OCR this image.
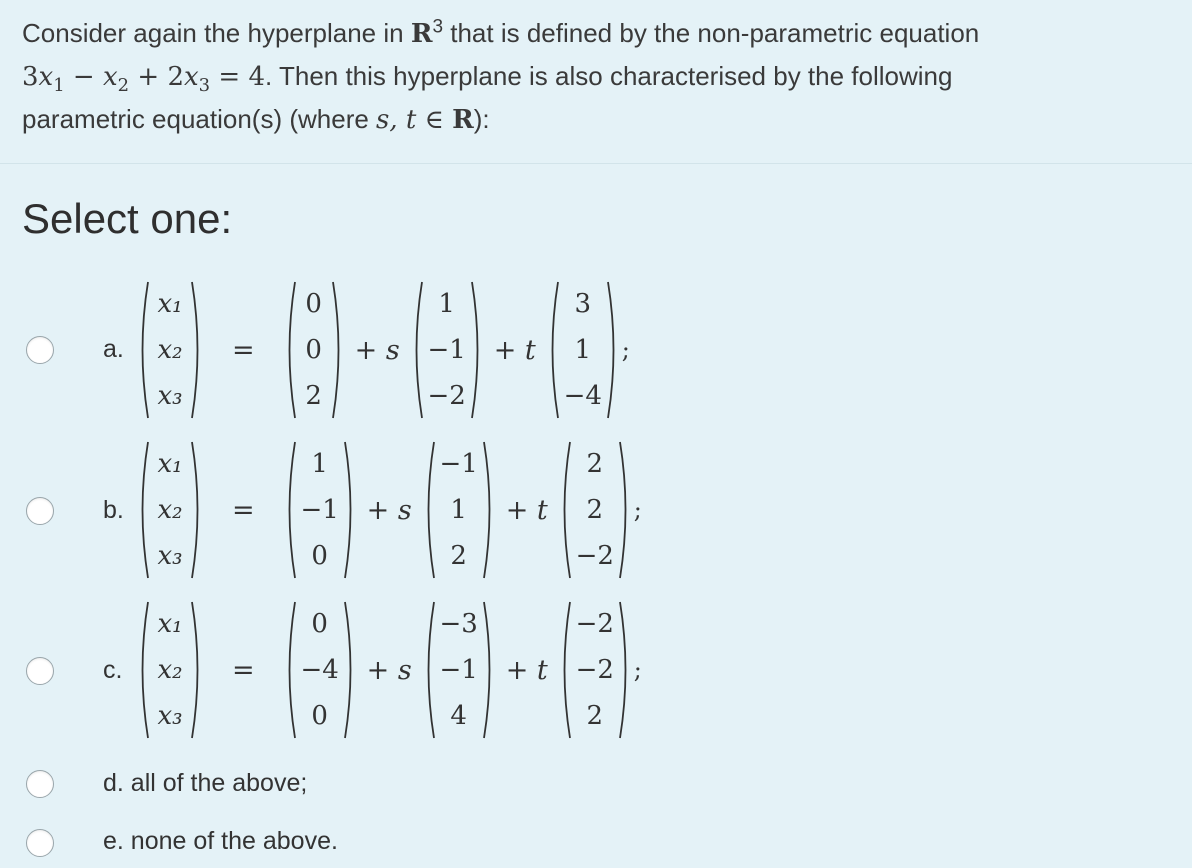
Consider again the hyperplane in $R^3$ that is defined by the non-parametric equation
$3x_1 - x_2 + 2x_3 = 4$. Then this hyperplane is also characterised by the following
parametric equation(s) (where s, t ∈ R):
Select one:
a.
x₁
x₂
x₃
=
0
0
2
+ s
1
−1
−2
+ t
3
1
−4
;
b.
x₁
x₂
x₃
=
1
−1
0
+ s
−1
1
2
+ t
2
2
−2
;
c.
x₁
x₂
x₃
=
0
−4
0
+ s
−3
−1
4
+ t
−2
−2
2
;
d. all of the above;
e. none of the above.
